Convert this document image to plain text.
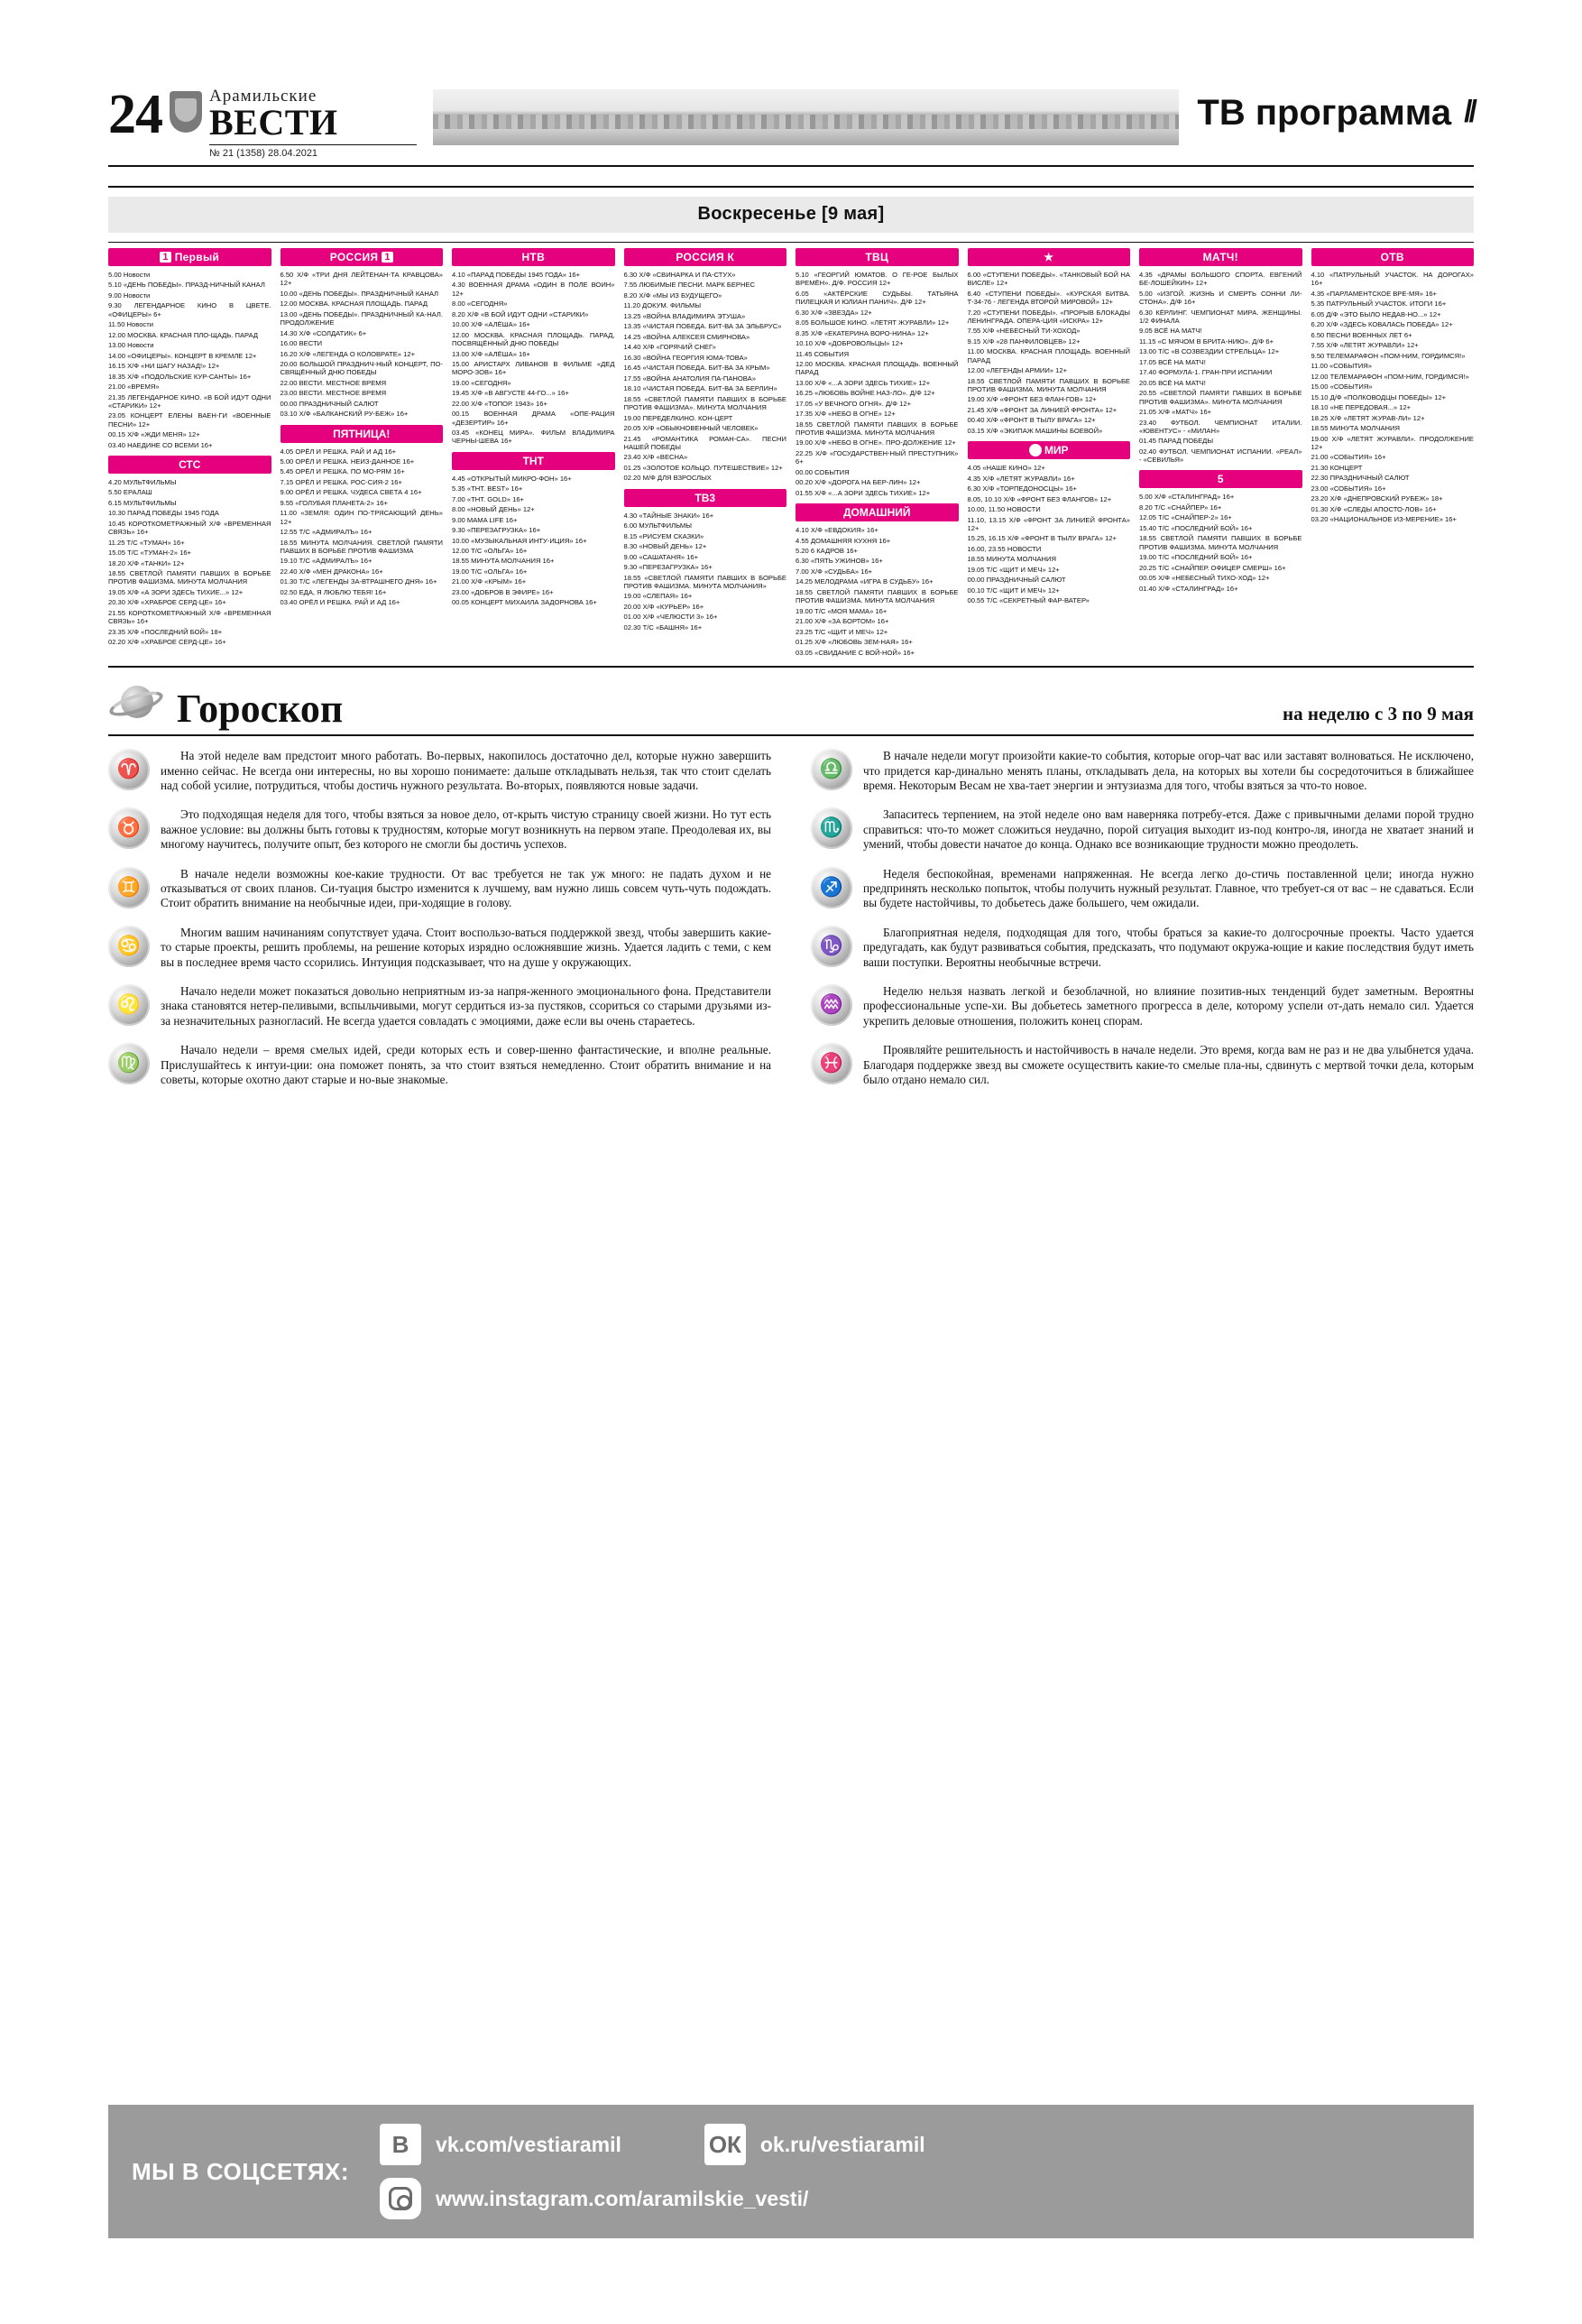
24	Арамильские
ВЕСТИ
№ 21 (1358) 28.04.2021
ТВ программа //
Воскресенье [9 мая]
1 Первый

5.00 Новости

5.10 «ДЕНЬ ПОБЕДЫ». ПРАЗД-НИЧНЫЙ КАНАЛ

9.00 Новости

9.30 ЛЕГЕНДАРНОЕ КИНО В ЦВЕТЕ. «ОФИЦЕРЫ» 6+

11.50 Новости

12.00 МОСКВА. КРАСНАЯ ПЛО-ЩАДЬ. ПАРАД

13.00 Новости

14.00 «ОФИЦЕРЫ». КОНЦЕРТ В КРЕМЛЕ 12+

16.15 Х/Ф «НИ ШАГУ НАЗАД!» 12+

18.35 Х/Ф «ПОДОЛЬСКИЕ КУР-САНТЫ» 16+

21.00 «ВРЕМЯ»

21.35 ЛЕГЕНДАРНОЕ КИНО. «В БОЙ ИДУТ ОДНИ «СТАРИКИ» 12+

23.05 КОНЦЕРТ ЕЛЕНЫ ВАЕН-ГИ «ВОЕННЫЕ ПЕСНИ» 12+

00.15 Х/Ф «ЖДИ МЕНЯ» 12+

03.40 НАЕДИНЕ СО ВСЕМИ 16+

СТС

4.20 МУЛЬТФИЛЬМЫ

5.50 ЕРАЛАШ

6.15 МУЛЬТФИЛЬМЫ

10.30 ПАРАД ПОБЕДЫ 1945 ГОДА

10.45 КОРОТКОМЕТРАЖНЫЙ Х/Ф «ВРЕМЕННАЯ СВЯЗЬ» 16+

11.25 Т/С «ТУМАН» 16+

15.05 Т/С «ТУМАН-2» 16+

18.20 Х/Ф «ТАНКИ» 12+

18.55 СВЕТЛОЙ ПАМЯТИ ПАВШИХ В БОРЬБЕ ПРОТИВ ФАШИЗМА. МИНУТА МОЛЧАНИЯ

19.05 Х/Ф «А ЗОРИ ЗДЕСЬ ТИХИЕ...» 12+

20.30 Х/Ф «ХРАБРОЕ СЕРД-ЦЕ» 16+

21.55 КОРОТКОМЕТРАЖНЫЙ Х/Ф «ВРЕМЕННАЯ СВЯЗЬ» 16+

23.35 Х/Ф «ПОСЛЕДНИЙ БОЙ» 18+

02.20 Х/Ф «ХРАБРОЕ СЕРД-ЦЕ» 16+

РОССИЯ 1

6.50 Х/Ф «ТРИ ДНЯ ЛЕЙТЕНАН-ТА КРАВЦОВА» 12+

10.00 «ДЕНЬ ПОБЕДЫ». ПРАЗДНИЧНЫЙ КАНАЛ

12.00 МОСКВА. КРАСНАЯ ПЛОЩАДЬ. ПАРАД

13.00 «ДЕНЬ ПОБЕДЫ». ПРАЗДНИЧНЫЙ КА-НАЛ. ПРОДОЛЖЕНИЕ

14.30 Х/Ф «СОЛДАТИК» 6+

16.00 ВЕСТИ

16.20 Х/Ф «ЛЕГЕНДА О КОЛОВРАТЕ» 12+

20.00 БОЛЬШОЙ ПРАЗДНИЧ-НЫЙ КОНЦЕРТ, ПО-СВЯЩЁННЫЙ ДНЮ ПОБЕДЫ

22.00 ВЕСТИ. МЕСТНОЕ ВРЕМЯ

23.00 ВЕСТИ. МЕСТНОЕ ВРЕМЯ

00.00 ПРАЗДНИЧНЫЙ САЛЮТ

03.10 Х/Ф «БАЛКАНСКИЙ РУ-БЕЖ» 16+

ПЯТНИЦА!

4.05 ОРЁЛ И РЕШКА. РАЙ И АД 16+

5.00 ОРЁЛ И РЕШКА. НЕИЗ-ДАННОЕ 16+

5.45 ОРЁЛ И РЕШКА. ПО МО-РЯМ 16+

7.15 ОРЁЛ И РЕШКА. РОС-СИЯ-2 16+

9.00 ОРЁЛ И РЕШКА. ЧУДЕСА СВЕТА 4 16+

9.55 «ГОЛУБАЯ ПЛАНЕТА-2» 16+

11.00 «ЗЕМЛЯ: ОДИН ПО-ТРЯСАЮЩИЙ ДЕНЬ» 12+

12.55 Т/С «АДМИРАЛЪ» 16+

18.55 МИНУТА МОЛЧАНИЯ. СВЕТЛОЙ ПАМЯТИ ПАВШИХ В БОРЬБЕ ПРОТИВ ФАШИЗМА

19.10 Т/С «АДМИРАЛЪ» 16+

22.40 Х/Ф «МЕН ДРАКОНА» 16+

01.30 Т/С «ЛЕГЕНДЫ ЗА-ВТРАШНЕГО ДНЯ» 16+

02.50 ЕДА, Я ЛЮБЛЮ ТЕБЯ! 16+

03.40 ОРЁЛ И РЕШКА. РАЙ И АД 16+

НТВ

4.10 «ПАРАД ПОБЕДЫ 1945 ГОДА» 16+

4.30 ВОЕННАЯ ДРАМА «ОДИН В ПОЛЕ ВОИН» 12+

8.00 «СЕГОДНЯ»

8.20 Х/Ф «В БОЙ ИДУТ ОДНИ «СТАРИКИ»

10.00 Х/Ф «АЛЁША» 16+

12.00 МОСКВА. КРАСНАЯ ПЛОЩАДЬ. ПАРАД, ПОСВЯЩЁННЫЙ ДНЮ ПОБЕДЫ

13.00 Х/Ф «АЛЁША» 16+

15.00 АРИСТАРХ ЛИВАНОВ В ФИЛЬМЕ «ДЕД МОРО-ЗОВ» 16+

19.00 «СЕГОДНЯ»

19.45 Х/Ф «В АВГУСТЕ 44-ГО...» 16+

22.00 Х/Ф «ТОПОР. 1943» 16+

00.15 ВОЕННАЯ ДРАМА «ОПЕ-РАЦИЯ «ДЕЗЕРТИР» 16+

03.45 «КОНЕЦ МИРА». ФИЛЬМ ВЛАДИМИРА ЧЕРНЫ-ШЕВА 16+

ТНТ

4.45 «ОТКРЫТЫЙ МИКРО-ФОН» 16+

5.35 «ТНТ. BEST» 16+

7.00 «ТНТ. GOLD» 16+

8.00 «НОВЫЙ ДЕНЬ» 12+

9.00 MAMA LIFE 16+

9.30 «ПЕРЕЗАГРУЗКА» 16+

10.00 «МУЗЫКАЛЬНАЯ ИНТУ-ИЦИЯ» 16+

12.00 Т/С «ОЛЬГА» 16+

18.55 МИНУТА МОЛЧАНИЯ 16+

19.00 Т/С «ОЛЬГА» 16+

21.00 Х/Ф «КРЫМ» 16+

23.00 «ДОБРОВ В ЭФИРЕ» 16+

00.05 КОНЦЕРТ МИХАИЛА ЗАДОРНОВА 16+

РОССИЯ К

6.30 Х/Ф «СВИНАРКА И ПА-СТУХ»

7.55 ЛЮБИМЫЕ ПЕСНИ. МАРК БЕРНЕС

8.20 Х/Ф «МЫ ИЗ БУДУЩЕГО»

11.20 ДОКУМ. ФИЛЬМЫ

13.25 «ВОЙНА ВЛАДИМИРА ЭТУША»

13.35 «ЧИСТАЯ ПОБЕДА. БИТ-ВА ЗА ЭЛЬБРУС»

14.25 «ВОЙНА АЛЕКСЕЯ СМИРНОВА»

14.40 Х/Ф «ГОРЯЧИЙ СНЕГ»

16.30 «ВОЙНА ГЕОРГИЯ ЮМА-ТОВА»

16.45 «ЧИСТАЯ ПОБЕДА. БИТ-ВА ЗА КРЫМ»

17.55 «ВОЙНА АНАТОЛИЯ ПА-ПАНОВА»

18.10 «ЧИСТАЯ ПОБЕДА. БИТ-ВА ЗА БЕРЛИН»

18.55 «СВЕТЛОЙ ПАМЯТИ ПАВШИХ В БОРЬБЕ ПРОТИВ ФАШИЗМА». МИНУТА МОЛЧАНИЯ

19.00 ПЕРЕДЕЛКИНО. КОН-ЦЕРТ

20.05 Х/Ф «ОБЫКНОВЕННЫЙ ЧЕЛОВЕК»

21.45 «РОМАНТИКА РОМАН-СА». ПЕСНИ НАШЕЙ ПОБЕДЫ

23.40 Х/Ф «ВЕСНА»

01.25 «ЗОЛОТОЕ КОЛЬЦО. ПУТЕШЕСТВИЕ» 12+

02.20 М/Ф ДЛЯ ВЗРОСЛЫХ

ТВ3

4.30 «ТАЙНЫЕ ЗНАКИ» 16+

6.00 МУЛЬТФИЛЬМЫ

8.15 «РИСУЕМ СКАЗКИ»

8.30 «НОВЫЙ ДЕНЬ» 12+

9.00 «САШАТАНЯ» 16+

9.30 «ПЕРЕЗАГРУЗКА» 16+

18.55 «СВЕТЛОЙ ПАМЯТИ ПАВШИХ В БОРЬБЕ ПРОТИВ ФАШИЗМА. МИНУТА МОЛЧАНИЯ»

19.00 «СЛЕПАЯ» 16+

20.00 Х/Ф «КУРЬЕР» 16+

01.00 Х/Ф «ЧЕЛЮСТИ 3» 16+

02.30 Т/С «БАШНЯ» 16+

ТВЦ

5.10 «ГЕОРГИЙ ЮМАТОВ. О ГЕ-РОЕ БЫЛЫХ ВРЕМЁН». Д/Ф. РОССИЯ 12+

6.05 «АКТЁРСКИЕ СУДЬБЫ. ТАТЬЯНА ПИЛЕЦКАЯ И ЮЛИАН ПАНИЧ». Д/Ф 12+

6.30 Х/Ф «ЗВЕЗДА» 12+

8.05 БОЛЬШОЕ КИНО. «ЛЕТЯТ ЖУРАВЛИ» 12+

8.35 Х/Ф «ЕКАТЕРИНА ВОРО-НИНА» 12+

10.10 Х/Ф «ДОБРОВОЛЬЦЫ» 12+

11.45 СОБЫТИЯ

12.00 МОСКВА. КРАСНАЯ ПЛОЩАДЬ. ВОЕННЫЙ ПАРАД

13.00 Х/Ф «...А ЗОРИ ЗДЕСЬ ТИХИЕ» 12+

16.25 «ЛЮБОВЬ ВОЙНЕ НАЗ-ЛО». Д/Ф 12+

17.05 «У ВЕЧНОГО ОГНЯ». Д/Ф 12+

17.35 Х/Ф «НЕБО В ОГНЕ» 12+

18.55 СВЕТЛОЙ ПАМЯТИ ПАВШИХ В БОРЬБЕ ПРОТИВ ФАШИЗМА. МИНУТА МОЛЧАНИЯ

19.00 Х/Ф «НЕБО В ОГНЕ». ПРО-ДОЛЖЕНИЕ 12+

22.25 Х/Ф «ГОСУДАРСТВЕН-НЫЙ ПРЕСТУПНИК» 6+

00.00 СОБЫТИЯ

00.20 Х/Ф «ДОРОГА НА БЕР-ЛИН» 12+

01.55 Х/Ф «...А ЗОРИ ЗДЕСЬ ТИХИЕ» 12+

ДОМАШНИЙ

4.10 Х/Ф «ЕВДОКИЯ» 16+

4.55 ДОМАШНЯЯ КУХНЯ 16+

5.20 6 КАДРОВ 16+

6.30 «ПЯТЬ УЖИНОВ» 16+

7.00 Х/Ф «СУДЬБА» 16+

14.25 МЕЛОДРАМА «ИГРА В СУДЬБУ» 16+

18.55 СВЕТЛОЙ ПАМЯТИ ПАВШИХ В БОРЬБЕ ПРОТИВ ФАШИЗМА. МИНУТА МОЛЧАНИЯ

19.00 Т/С «МОЯ МАМА» 16+

21.00 Х/Ф «ЗА БОРТОМ» 16+

23.25 Т/С «ЩИТ И МЕЧ» 12+

01.25 Х/Ф «ЛЮБОВЬ ЗЕМ-НАЯ» 16+

03.05 «СВИДАНИЕ С ВОЙ-НОЙ» 16+

★

6.00 «СТУПЕНИ ПОБЕДЫ». «ТАНКОВЫЙ БОЙ НА ВИСЛЕ» 12+

6.40 «СТУПЕНИ ПОБЕДЫ». «КУРСКАЯ БИТВА. Т-34-76 - ЛЕГЕНДА ВТОРОЙ МИРОВОЙ» 12+

7.20 «СТУПЕНИ ПОБЕДЫ». «ПРОРЫВ БЛОКАДЫ ЛЕНИНГРАДА. ОПЕРА-ЦИЯ «ИСКРА» 12+

7.55 Х/Ф «НЕБЕСНЫЙ ТИ-ХОХОД»

9.15 Х/Ф «28 ПАНФИЛОВЦЕВ» 12+

11.00 МОСКВА. КРАСНАЯ ПЛОЩАДЬ. ВОЕННЫЙ ПАРАД

12.00 «ЛЕГЕНДЫ АРМИИ» 12+

18.55 СВЕТЛОЙ ПАМЯТИ ПАВШИХ В БОРЬБЕ ПРОТИВ ФАШИЗМА. МИНУТА МОЛЧАНИЯ

19.00 Х/Ф «ФРОНТ БЕЗ ФЛАН-ГОВ» 12+

21.45 Х/Ф «ФРОНТ ЗА ЛИНИЕЙ ФРОНТА» 12+

00.40 Х/Ф «ФРОНТ В ТЫЛУ ВРАГА» 12+

03.15 Х/Ф «ЭКИПАЖ МАШИНЫ БОЕВОЙ»

МИР

4.05 «НАШЕ КИНО» 12+

4.35 Х/Ф «ЛЕТЯТ ЖУРАВЛИ» 16+

6.30 Х/Ф «ТОРПЕДОНОСЦЫ» 16+

8.05, 10.10 Х/Ф «ФРОНТ БЕЗ ФЛАНГОВ» 12+

10.00, 11.50 НОВОСТИ

11.10, 13.15 Х/Ф «ФРОНТ ЗА ЛИНИЕЙ ФРОНТА» 12+

15.25, 16.15 Х/Ф «ФРОНТ В ТЫЛУ ВРАГА» 12+

16.00, 23.55 НОВОСТИ

18.55 МИНУТА МОЛЧАНИЯ

19.05 Т/С «ЩИТ И МЕЧ» 12+

00.00 ПРАЗДНИЧНЫЙ САЛЮТ

00.10 Т/С «ЩИТ И МЕЧ» 12+

00.55 Т/С «СЕКРЕТНЫЙ ФАР-ВАТЕР»

МАТЧ!

4.35 «ДРАМЫ БОЛЬШОГО СПОРТА. ЕВГЕНИЙ БЕ-ЛОШЕЙКИН» 12+

5.00 «ИЗГОЙ. ЖИЗНЬ И СМЕРТЬ СОННИ ЛИ-СТОНА». Д/Ф 16+

6.30 КЁРЛИНГ. ЧЕМПИОНАТ МИРА. ЖЕНЩИНЫ. 1/2 ФИНАЛА

9.05 ВСЁ НА МАТЧ!

11.15 «С МЯЧОМ В БРИТА-НИЮ». Д/Ф 6+

13.00 Т/С «В СОЗВЕЗДИИ СТРЕЛЬЦА» 12+

17.05 ВСЁ НА МАТЧ!

17.40 ФОРМУЛА-1. ГРАН-ПРИ ИСПАНИИ

20.05 ВСЁ НА МАТЧ!

20.55 «СВЕТЛОЙ ПАМЯТИ ПАВШИХ В БОРЬБЕ ПРОТИВ ФАШИЗМА». МИНУТА МОЛЧАНИЯ

21.05 Х/Ф «МАТЧ» 16+

23.40 ФУТБОЛ. ЧЕМПИОНАТ ИТАЛИИ. «ЮВЕНТУС» - «МИЛАН»

01.45 ПАРАД ПОБЕДЫ

02.40 ФУТБОЛ. ЧЕМПИОНАТ ИСПАНИИ. «РЕАЛ» - «СЕВИЛЬЯ»

5

5.00 Х/Ф «СТАЛИНГРАД» 16+

8.20 Т/С «СНАЙПЕР» 16+

12.05 Т/С «СНАЙПЕР-2» 16+

15.40 Т/С «ПОСЛЕДНИЙ БОЙ» 16+

18.55 СВЕТЛОЙ ПАМЯТИ ПАВШИХ В БОРЬБЕ ПРОТИВ ФАШИЗМА. МИНУТА МОЛЧАНИЯ

19.00 Т/С «ПОСЛЕДНИЙ БОЙ» 16+

20.25 Т/С «СНАЙПЕР. ОФИЦЕР СМЕРШ» 16+

00.05 Х/Ф «НЕБЕСНЫЙ ТИХО-ХОД» 12+

01.40 Х/Ф «СТАЛИНГРАД» 16+

ОТВ

4.10 «ПАТРУЛЬНЫЙ УЧАСТОК. НА ДОРОГАХ» 16+

4.35 «ПАРЛАМЕНТСКОЕ ВРЕ-МЯ» 16+

5.35 ПАТРУЛЬНЫЙ УЧАСТОК. ИТОГИ 16+

6.05 Д/Ф «ЭТО БЫЛО НЕДАВ-НО...» 12+

6.20 Х/Ф «ЗДЕСЬ КОВАЛАСЬ ПОБЕДА» 12+

6.50 ПЕСНИ ВОЕННЫХ ЛЕТ 6+

7.55 Х/Ф «ЛЕТЯТ ЖУРАВЛИ» 12+

9.50 ТЕЛЕМАРАФОН «ПОМ-НИМ, ГОРДИМСЯ!»

11.00 «СОБЫТИЯ»

12.00 ТЕЛЕМАРАФОН «ПОМ-НИМ, ГОРДИМСЯ!»

15.00 «СОБЫТИЯ»

15.10 Д/Ф «ПОЛКОВОДЦЫ ПОБЕДЫ» 12+

18.10 «НЕ ПЕРЕДОВАЯ...» 12+

18.25 Х/Ф «ЛЕТЯТ ЖУРАВ-ЛИ» 12+

18.55 МИНУТА МОЛЧАНИЯ

19.00 Х/Ф «ЛЕТЯТ ЖУРАВЛИ». ПРОДОЛЖЕНИЕ 12+

21.00 «СОБЫТИЯ» 16+

21.30 КОНЦЕРТ

22.30 ПРАЗДНИЧНЫЙ САЛЮТ

23.00 «СОБЫТИЯ» 16+

23.20 Х/Ф «ДНЕПРОВСКИЙ РУБЕЖ» 18+

01.30 Х/Ф «СЛЕДЫ АПОСТО-ЛОВ» 16+

03.20 «НАЦИОНАЛЬНОЕ ИЗ-МЕРЕНИЕ» 16+

Гороскоп	на неделю с 3 по 9 мая
♈
На этой неделе вам предстоит много работать. Во-первых, накопилось достаточно дел, которые нужно завершить именно сейчас. Не всегда они интересны, но вы хорошо понимаете: дальше откладывать нельзя, так что стоит сделать над собой усилие, потрудиться, чтобы достичь нужного результата. Во-вторых, появляются новые задачи.
♉
Это подходящая неделя для того, чтобы взяться за новое дело, от-крыть чистую страницу своей жизни. Но тут есть важное условие: вы должны быть готовы к трудностям, которые могут возникнуть на первом этапе. Преодолевая их, вы многому научитесь, получите опыт, без которого не смогли бы достичь успехов.
♊
В начале недели возможны кое-какие трудности. От вас требуется не так уж много: не падать духом и не отказываться от своих планов. Си-туация быстро изменится к лучшему, вам нужно лишь совсем чуть-чуть подождать. Стоит обратить внимание на необычные идеи, при-ходящие в голову.
♋
Многим вашим начинаниям сопутствует удача. Стоит воспользо-ваться поддержкой звезд, чтобы завершить какие-то старые проекты, решить проблемы, на решение которых изрядно осложнявшие жизнь. Удается ладить с теми, с кем вы в последнее время часто ссорились. Интуиция подсказывает, что на душе у окружающих.
♌
Начало недели может показаться довольно неприятным из-за напря-женного эмоционального фона. Представители знака становятся нетер-пеливыми, вспыльчивыми, могут сердиться из-за пустяков, ссориться со старыми друзьями из-за незначительных разногласий. Не всегда удается совладать с эмоциями, даже если вы очень стараетесь.
♍
Начало недели – время смелых идей, среди которых есть и совер-шенно фантастические, и вполне реальные. Прислушайтесь к интуи-ции: она поможет понять, за что стоит взяться немедленно. Стоит обратить внимание и на советы, которые охотно дают старые и но-вые знакомые.
♎
В начале недели могут произойти какие-то события, которые огор-чат вас или заставят волноваться. Не исключено, что придется кар-динально менять планы, откладывать дела, на которых вы хотели бы сосредоточиться в ближайшее время. Некоторым Весам не хва-тает энергии и энтузиазма для того, чтобы взяться за что-то новое.
♏
Запаситесь терпением, на этой неделе оно вам наверняка потребу-ется. Даже с привычными делами порой трудно справиться: что-то может сложиться неудачно, порой ситуация выходит из-под контро-ля, иногда не хватает знаний и умений, чтобы довести начатое до конца. Однако все возникающие трудности можно преодолеть.
♐
Неделя беспокойная, временами напряженная. Не всегда легко до-стичь поставленной цели; иногда нужно предпринять несколько попыток, чтобы получить нужный результат. Главное, что требует-ся от вас – не сдаваться. Если вы будете настойчивы, то добьетесь даже большего, чем ожидали.
♑
Благоприятная неделя, подходящая для того, чтобы браться за какие-то долгосрочные проекты. Часто удается предугадать, как будут развиваться события, предсказать, что подумают окружа-ющие и какие последствия будут иметь ваши поступки. Вероятны необычные встречи.
♒
Неделю нельзя назвать легкой и безоблачной, но влияние позитив-ных тенденций будет заметным. Вероятны профессиональные успе-хи. Вы добьетесь заметного прогресса в деле, которому успели от-дать немало сил. Удается укрепить деловые отношения, положить конец спорам.
♓
Проявляйте решительность и настойчивость в начале недели. Это время, когда вам не раз и не два улыбнется удача. Благодаря поддержке звезд вы сможете осуществить какие-то смелые пла-ны, сдвинуть с мертвой точки дела, которым было отдано немало сил.
МЫ В СОЦСЕТЯХ:
В	vk.com/vestiaramil	ОК ok.ru/vestiaramil
www.instagram.com/aramilskie_vesti/
